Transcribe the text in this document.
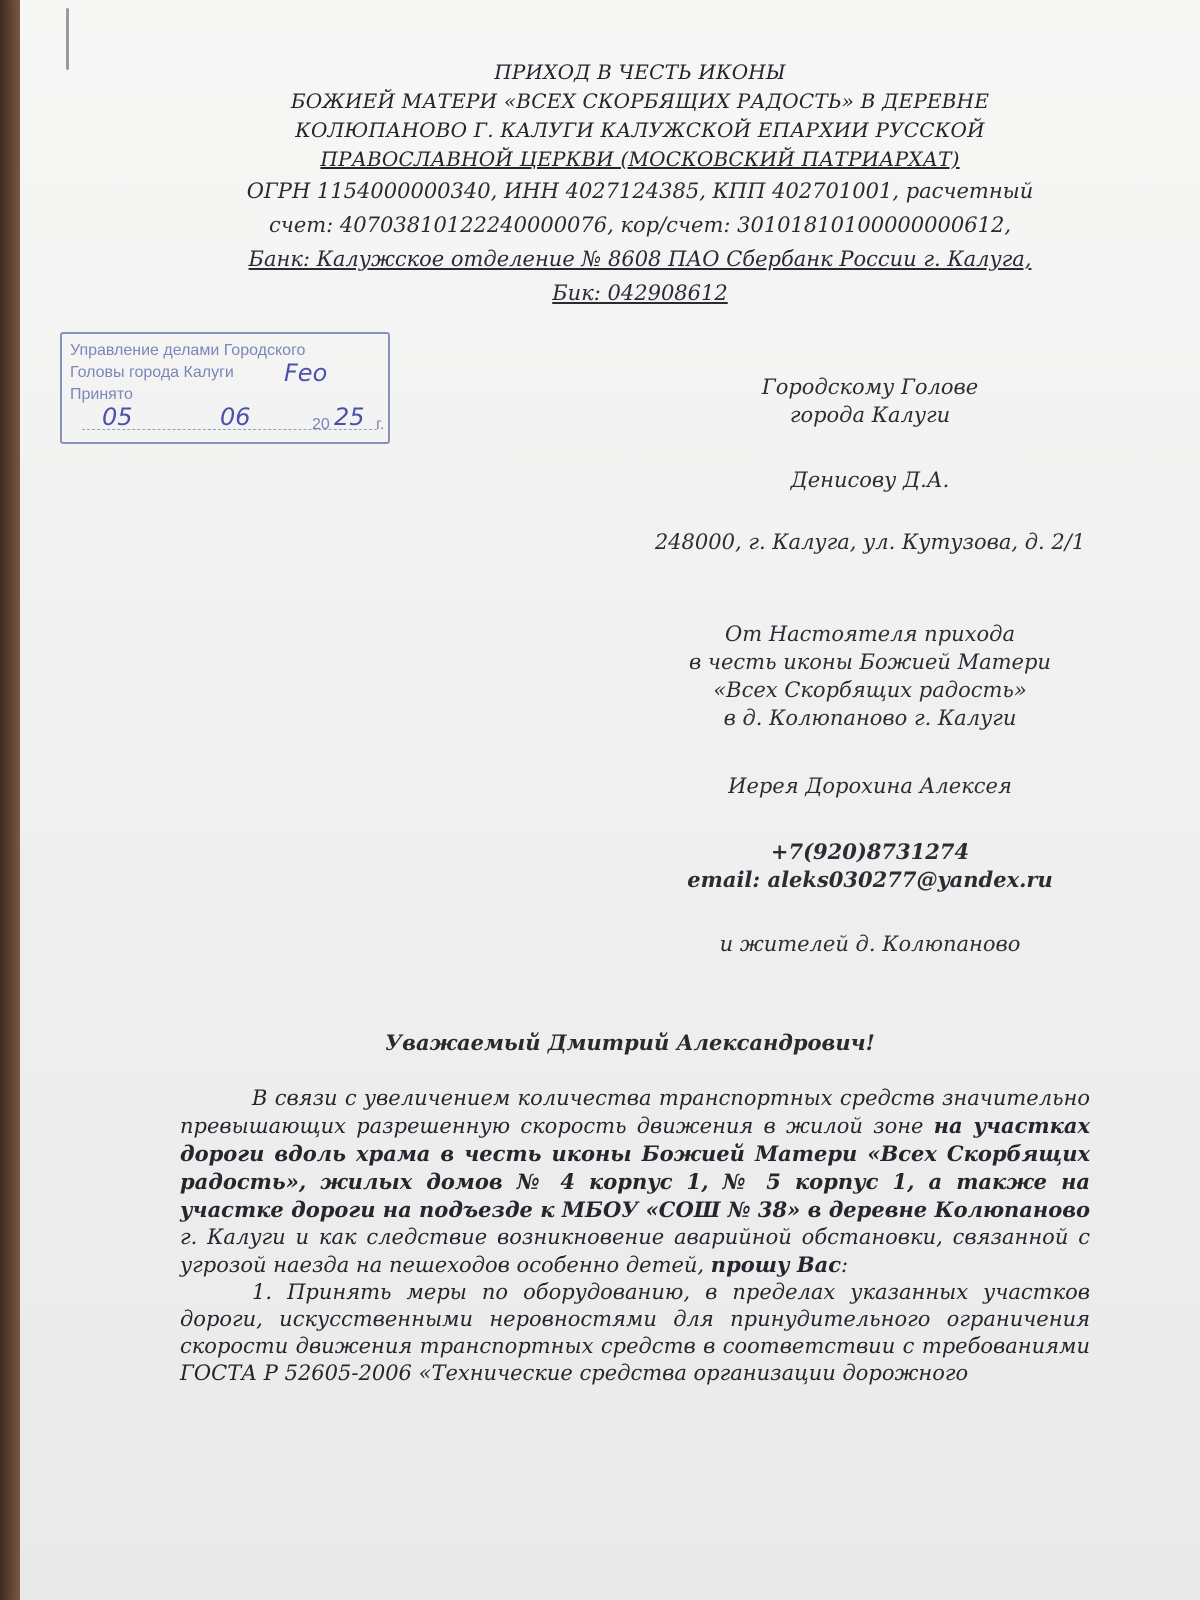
ПРИХОД В ЧЕСТЬ ИКОНЫ
БОЖИЕЙ МАТЕРИ «ВСЕХ СКОРБЯЩИХ РАДОСТЬ» В ДЕРЕВНЕ
КОЛЮПАНОВО Г. КАЛУГИ КАЛУЖСКОЙ ЕПАРХИИ РУССКОЙ
ПРАВОСЛАВНОЙ ЦЕРКВИ (МОСКОВСКИЙ ПАТРИАРХАТ)
ОГРН 1154000000340, ИНН 4027124385, КПП 402701001, расчетный
счет: 40703810122240000076, кор/счет: 30101810100000000612,
Банк: Калужское отделение № 8608 ПАО Сбербанк России г. Калуга,
Бик: 042908612
Управление делами Городского
Головы города Калуги
Принято
Feo
05	06	20 25 г.
Городскому Голове
города Калуги
Денисову Д.А.
248000, г. Калуга, ул. Кутузова, д. 2/1
От Настоятеля прихода
в честь иконы Божией Матери
«Всех Скорбящих радость»
в д. Колюпаново г. Калуги
Иерея Дорохина Алексея
+7(920)8731274
email: aleks030277@yandex.ru
и жителей д. Колюпаново
Уважаемый Дмитрий Александрович!

В связи с увеличением количества транспортных средств значительно превышающих разрешенную скорость движения в жилой зоне на участках дороги вдоль храма в честь иконы Божией Матери «Всех Скорбящих радость», жилых домов № 4 корпус 1, № 5 корпус 1, а также на участке дороги на подъезде к МБОУ «СОШ № 38» в деревне Колюпаново г. Калуги и как следствие возникновение аварийной обстановки, связанной с угрозой наезда на пешеходов особенно детей, прошу Вас:

1. Принять меры по оборудованию, в пределах указанных участков дороги, искусственными неровностями для принудительного ограничения скорости движения транспортных средств в соответствии с требованиями ГОСТА Р 52605-2006 «Технические средства организации дорожного
